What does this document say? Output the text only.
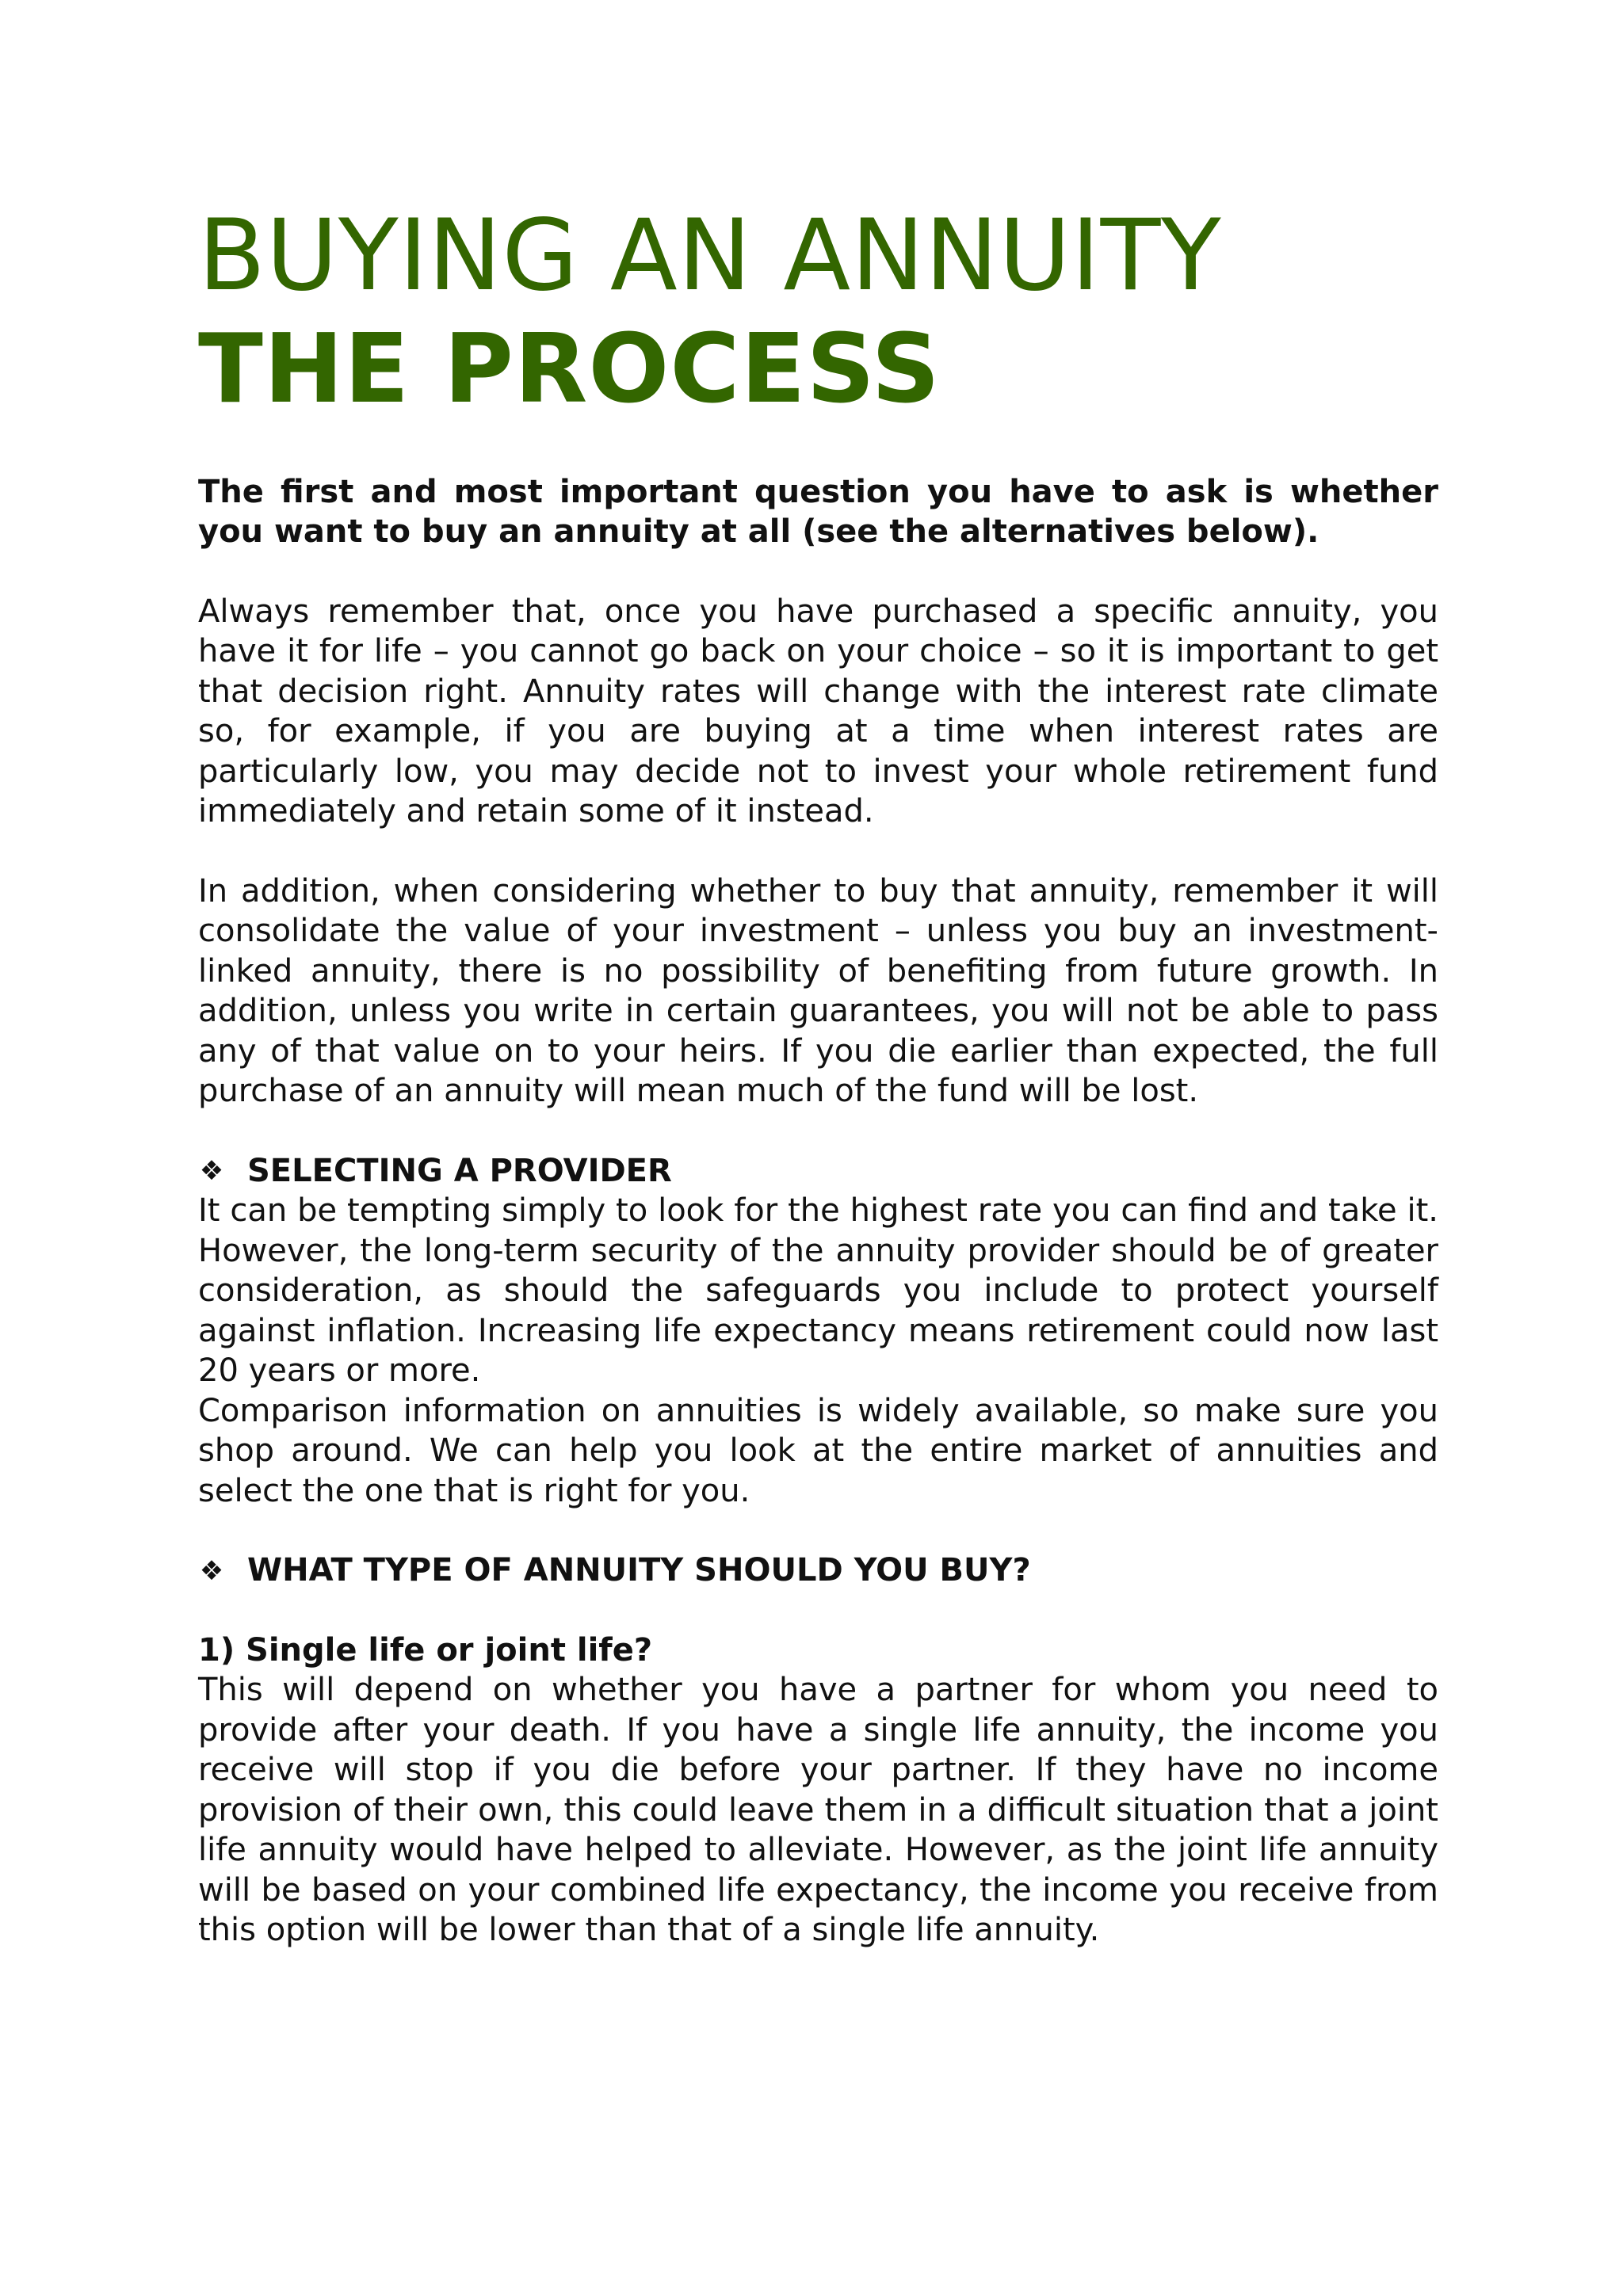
BUYING AN ANNUITY
THE PROCESS

The first and most important question you have to ask is whether you want to buy an annuity at all (see the alternatives below).

Always remember that, once you have purchased a specific annuity, you have it for life – you cannot go back on your choice – so it is important to get that decision right. Annuity rates will change with the interest rate climate so, for example, if you are buying at a time when interest rates are particularly low, you may decide not to invest your whole retirement fund immediately and retain some of it instead.

In addition, when considering whether to buy that annuity, remember it will consolidate the value of your investment – unless you buy an investment-linked annuity, there is no possibility of benefiting from future growth. In addition, unless you write in certain guarantees, you will not be able to pass any of that value on to your heirs. If you die earlier than expected, the full purchase of an annuity will mean much of the fund will be lost.

❖ SELECTING A PROVIDER

It can be tempting simply to look for the highest rate you can find and take it. However, the long-term security of the annuity provider should be of greater consideration, as should the safeguards you include to protect yourself against inflation. Increasing life expectancy means retirement could now last 20 years or more.

Comparison information on annuities is widely available, so make sure you shop around. We can help you look at the entire market of annuities and select the one that is right for you.

❖ WHAT TYPE OF ANNUITY SHOULD YOU BUY?

1) Single life or joint life?

This will depend on whether you have a partner for whom you need to provide after your death. If you have a single life annuity, the income you receive will stop if you die before your partner. If they have no income provision of their own, this could leave them in a difficult situation that a joint life annuity would have helped to alleviate. However, as the joint life annuity will be based on your combined life expectancy, the income you receive from this option will be lower than that of a single life annuity.
